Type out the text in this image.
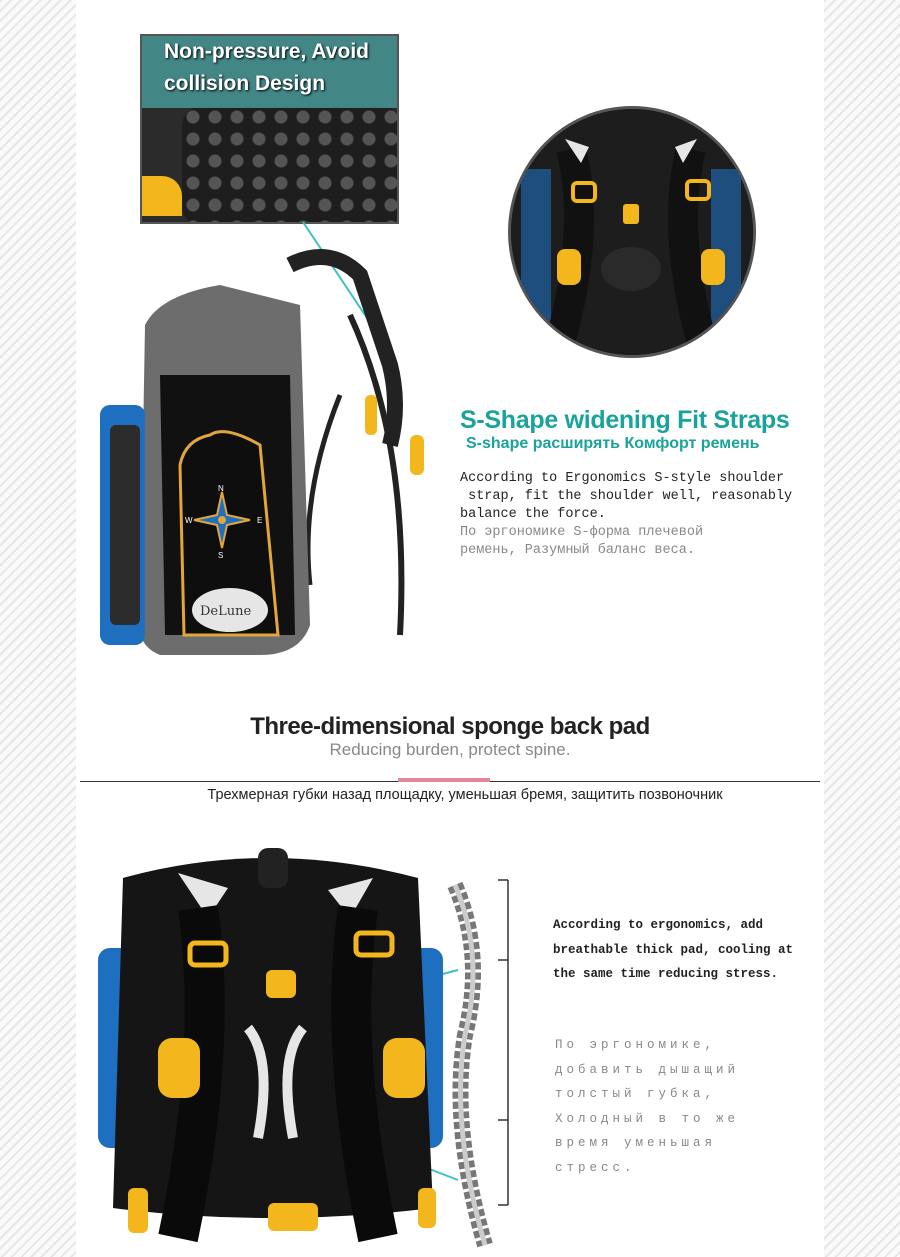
Non-pressure, Avoid
collision Design
N
S
E
W
DeLune
S-Shape widening Fit Straps
S-shape расширять Комфорт ремень
According to Ergonomics S-style shoulder
strap, fit the shoulder well, reasonably
balance the force.
По эргономике S-форма плечевой
ремень, Разумный баланс веса.
Three-dimensional sponge back pad
Reducing burden, protect spine.
Трехмерная губки назад площадку, уменьшая бремя, защитить позвоночник
According to ergonomics, add
breathable thick pad, cooling at
the same time reducing stress.
По эргономике,
добавить дышащий
толстый губка,
Холодный в то же
время уменьшая
стресс.
